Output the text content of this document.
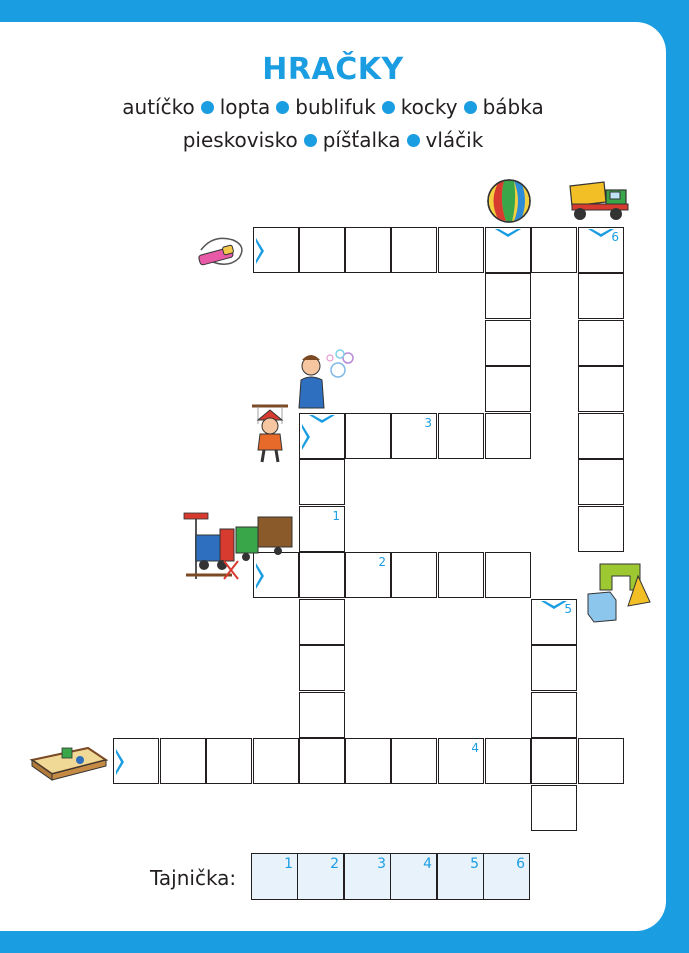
HRAČKY
autíčko lopta bublifuk kocky bábka
pieskovisko píšťalka vláčik
6
3
1
2
5
4
Tajnička:
1	2	3	4	5	6
